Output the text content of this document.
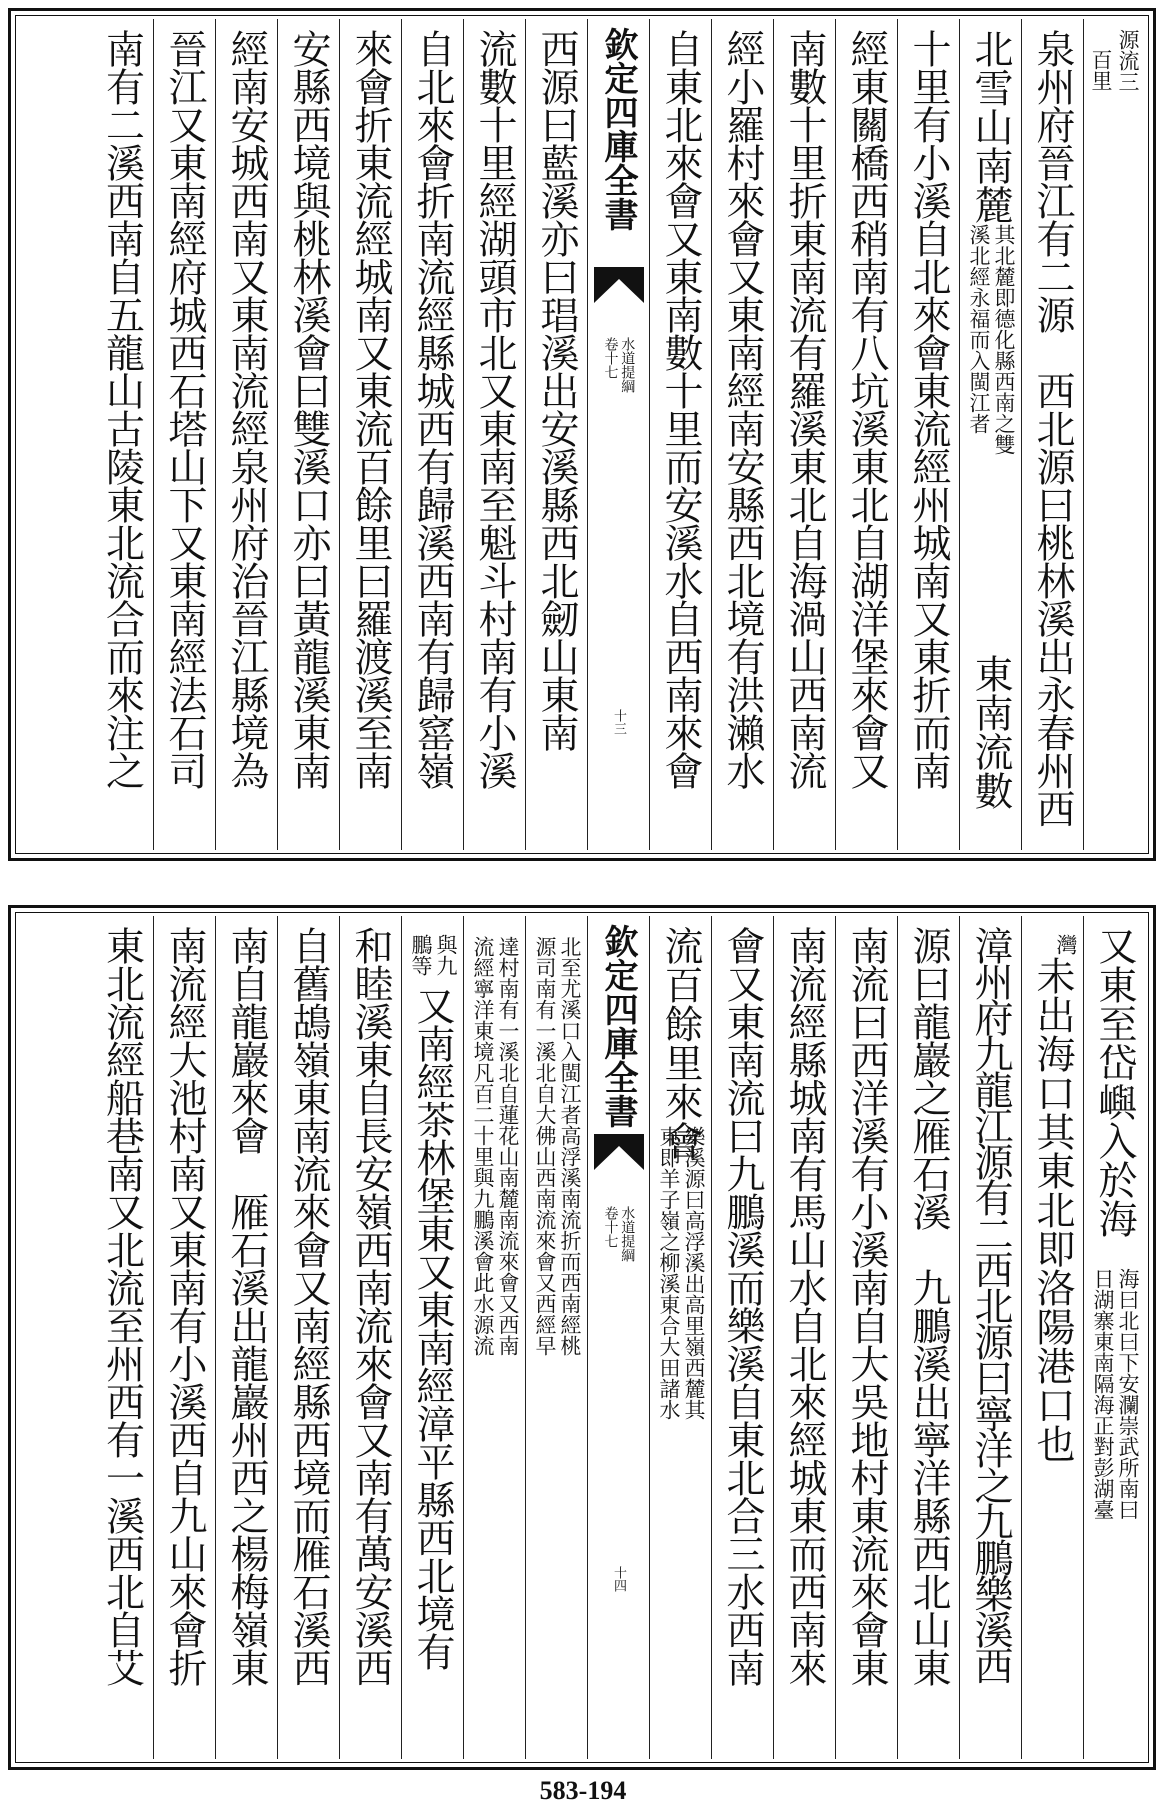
源流三
百里
泉州府晉江有二源　西北源曰桃林溪出永春州西
北雪山南麓
其北麓即德化縣西南之雙
溪北經永福而入閩江者
東南流數
十里有小溪自北來會東流經州城南又東折而南
經東關橋西稍南有八坑溪東北自湖洋堡來會又
南數十里折東南流有羅溪東北自海渦山西南流
經小羅村來會又東南經南安縣西北境有洪瀨水
自東北來會又東南數十里而安溪水自西南來會
欽定四庫全書
水道提綱
卷十七
十三
西源曰藍溪亦曰琩溪出安溪縣西北劒山東南
流數十里經湖頭市北又東南至魁斗村南有小溪
自北來會折南流經縣城西有歸溪西南有歸窰嶺
來會折東流經城南又東流百餘里曰羅渡溪至南
安縣西境與桃林溪會曰雙溪口亦曰黃龍溪東南
經南安城西南又東南流經泉州府治晉江縣境為
晉江又東南經府城西石塔山下又東南經法石司
南有二溪西南自五龍山古陵東北流合而來注之
又東至岱嶼入於海
海曰北曰下安瀾崇武所南曰
日湖寨東南隔海正對彭湖臺
灣
未出海口其東北即洛陽港口也
漳州府九龍江源有二西北源曰寧洋之九鵬樂溪西
源曰龍巖之雁石溪　九鵬溪出寧洋縣西北山東
南流曰西洋溪有小溪南自大吳地村東流來會東
南流經縣城南有馬山水自北來經城東而西南來
會又東南流曰九鵬溪而樂溪自東北合三水西南
流百餘里來會
樂溪源曰高浮溪出高里嶺西麓其
東即羊子嶺之柳溪東合大田諸水
欽定四庫全書
水道提綱
卷十七
十四
北至尤溪口入閩江者高浮溪南流折而西南經桃
源司南有一溪北自大佛山西南流來會又西經早
達村南有一溪北自蓮花山南麓南流來會又西南
流經寧洋東境凡百二十里與九鵬溪會此水源流
與九
鵬等
又南經茶林堡東又東南經漳平縣西北境有
和睦溪東自長安嶺西南流來會又南有萬安溪西
自舊鴣嶺東南流來會又南經縣西境而雁石溪西
南自龍巖來會　雁石溪出龍巖州西之楊梅嶺東
南流經大池村南又東南有小溪西自九山來會折
東北流經船巷南又北流至州西有一溪西北自艾
583-194
